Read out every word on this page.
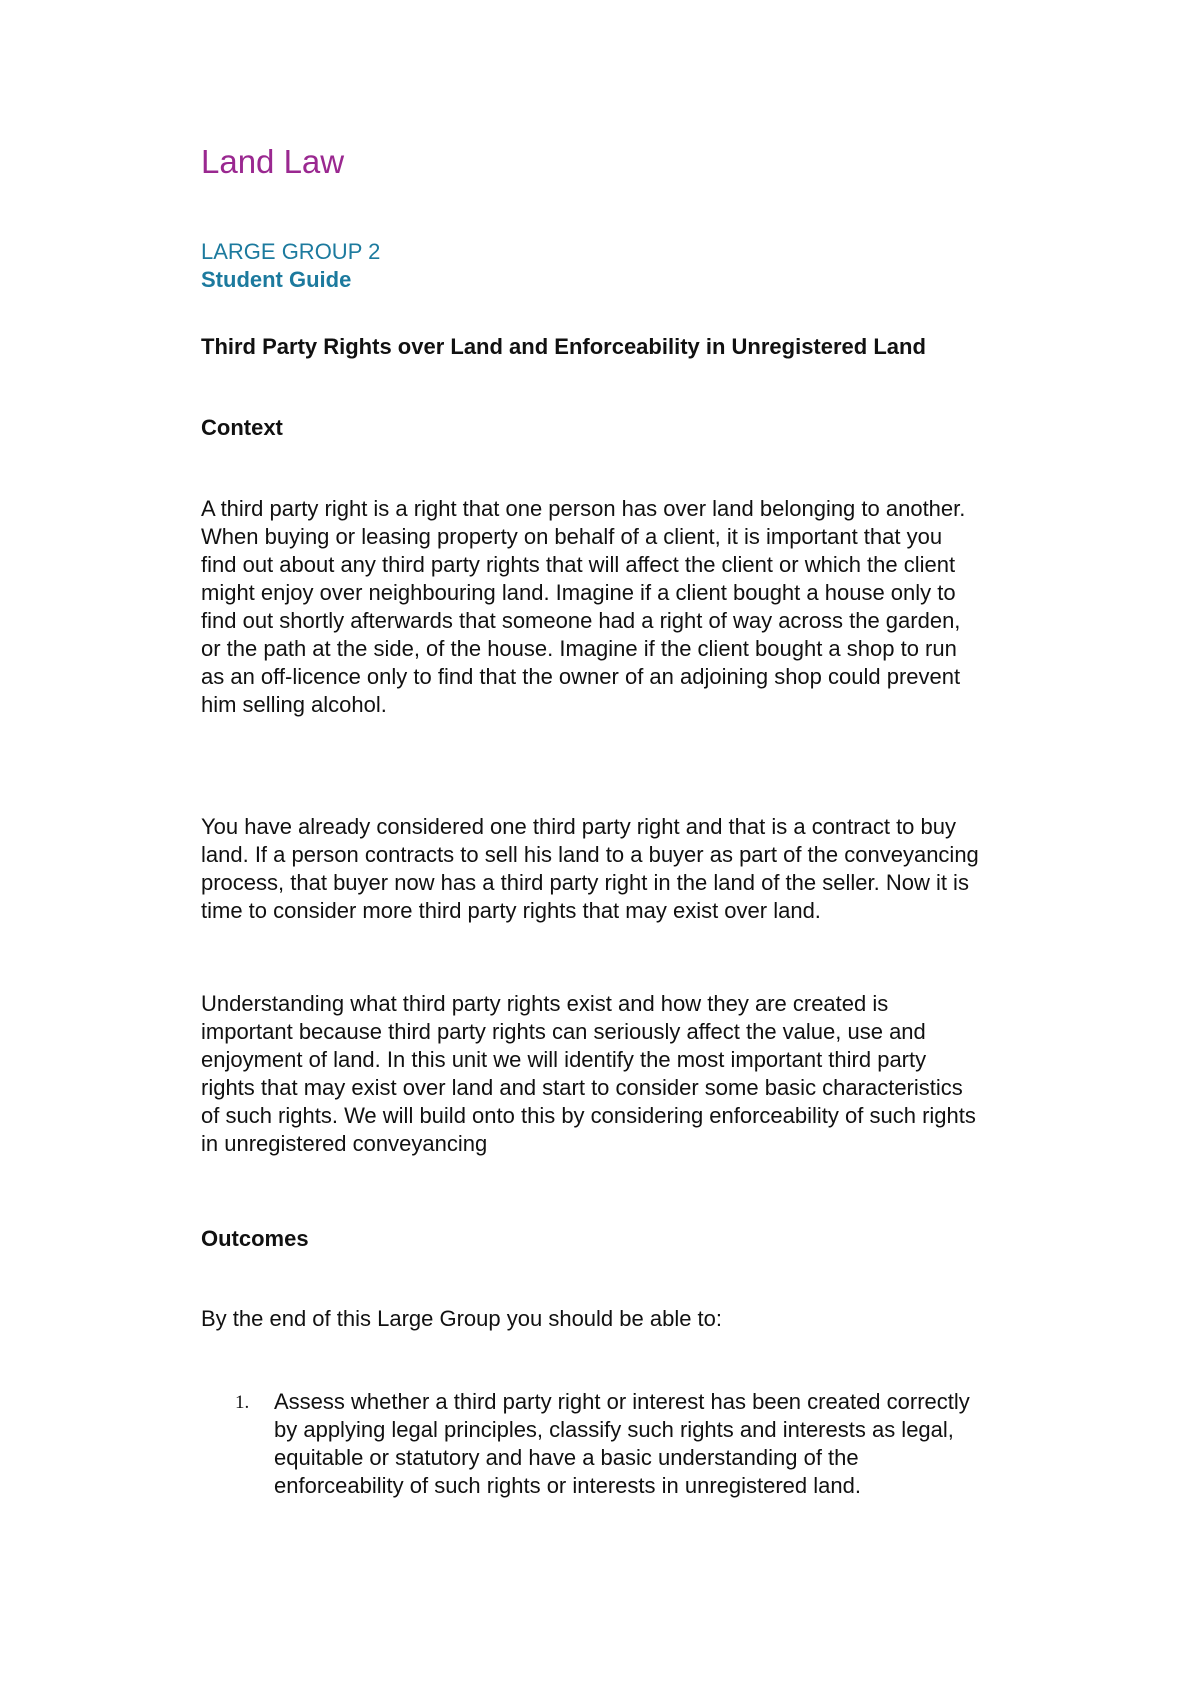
Land Law
LARGE GROUP 2
Student Guide
Third Party Rights over Land and Enforceability in Unregistered Land
Context

A third party right is a right that one person has over land belonging to another.
When buying or leasing property on behalf of a client, it is important that you
find out about any third party rights that will affect the client or which the client
might enjoy over neighbouring land. Imagine if a client bought a house only to
find out shortly afterwards that someone had a right of way across the garden,
or the path at the side, of the house. Imagine if the client bought a shop to run
as an off-licence only to find that the owner of an adjoining shop could prevent
him selling alcohol.

You have already considered one third party right and that is a contract to buy
land. If a person contracts to sell his land to a buyer as part of the conveyancing
process, that buyer now has a third party right in the land of the seller. Now it is
time to consider more third party rights that may exist over land.

Understanding what third party rights exist and how they are created is
important because third party rights can seriously affect the value, use and
enjoyment of land. In this unit we will identify the most important third party
rights that may exist over land and start to consider some basic characteristics
of such rights. We will build onto this by considering enforceability of such rights
in unregistered conveyancing

Outcomes

By the end of this Large Group you should be able to:

1. Assess whether a third party right or interest has been created correctly
by applying legal principles, classify such rights and interests as legal,
equitable or statutory and have a basic understanding of the
enforceability of such rights or interests in unregistered land.
